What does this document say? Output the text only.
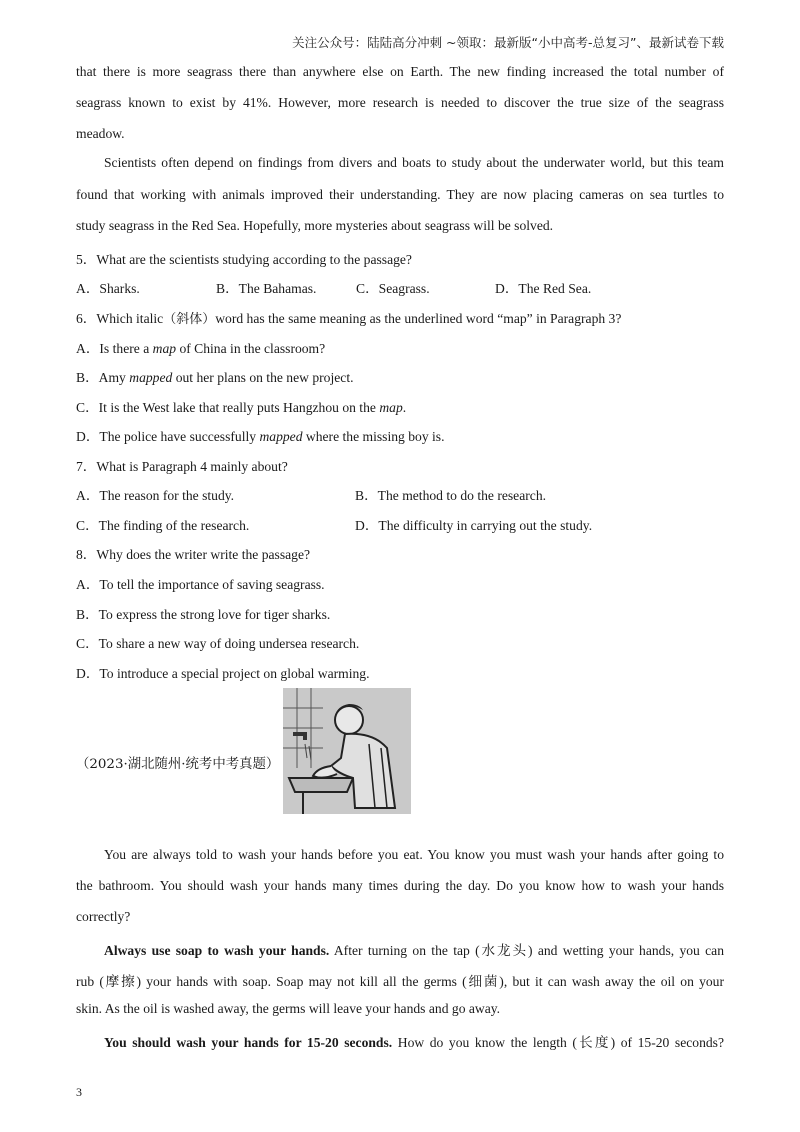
关注公众号：陆陆高分冲刺 ~领取：最新版“小中高考-总复习”、最新试卷下载
that there is more seagrass there than anywhere else on Earth. The new finding increased the total number of
seagrass known to exist by 41%. However, more research is needed to discover the true size of the seagrass
meadow.
Scientists often depend on findings from divers and boats to study about the underwater world, but this team
found that working with animals improved their understanding. They are now placing cameras on sea turtles to
study seagrass in the Red Sea. Hopefully, more mysteries about seagrass will be solved.
5．What are the scientists studying according to the passage?
A．Sharks.	B．The Bahamas.	C．Seagrass.	D．The Red Sea.
6．Which italic（斜体）word has the same meaning as the underlined word “map” in Paragraph 3?
A．Is there a map of China in the classroom?
B．Amy mapped out her plans on the new project.
C．It is the West lake that really puts Hangzhou on the map.
D．The police have successfully mapped where the missing boy is.
7．What is Paragraph 4 mainly about?
A．The reason for the study.	B．The method to do the research.
C．The finding of the research.	D．The difficulty in carrying out the study.
8．Why does the writer write the passage?
A．To tell the importance of saving seagrass.
B．To express the strong love for tiger sharks.
C．To share a new way of doing undersea research.
D．To introduce a special project on global warming.
（2023·湖北随州·统考中考真题）
You are always told to wash your hands before you eat. You know you must wash your hands after going to
the bathroom. You should wash your hands many times during the day. Do you know how to wash your hands
correctly?
Always use soap to wash your hands. After turning on the tap (水龙头) and wetting your hands, you can
rub (摩擦) your hands with soap. Soap may not kill all the germs (细菌), but it can wash away the oil on your
skin. As the oil is washed away, the germs will leave your hands and go away.
You should wash your hands for 15-20 seconds. How do you know the length (长度) of 15-20 seconds?
3
